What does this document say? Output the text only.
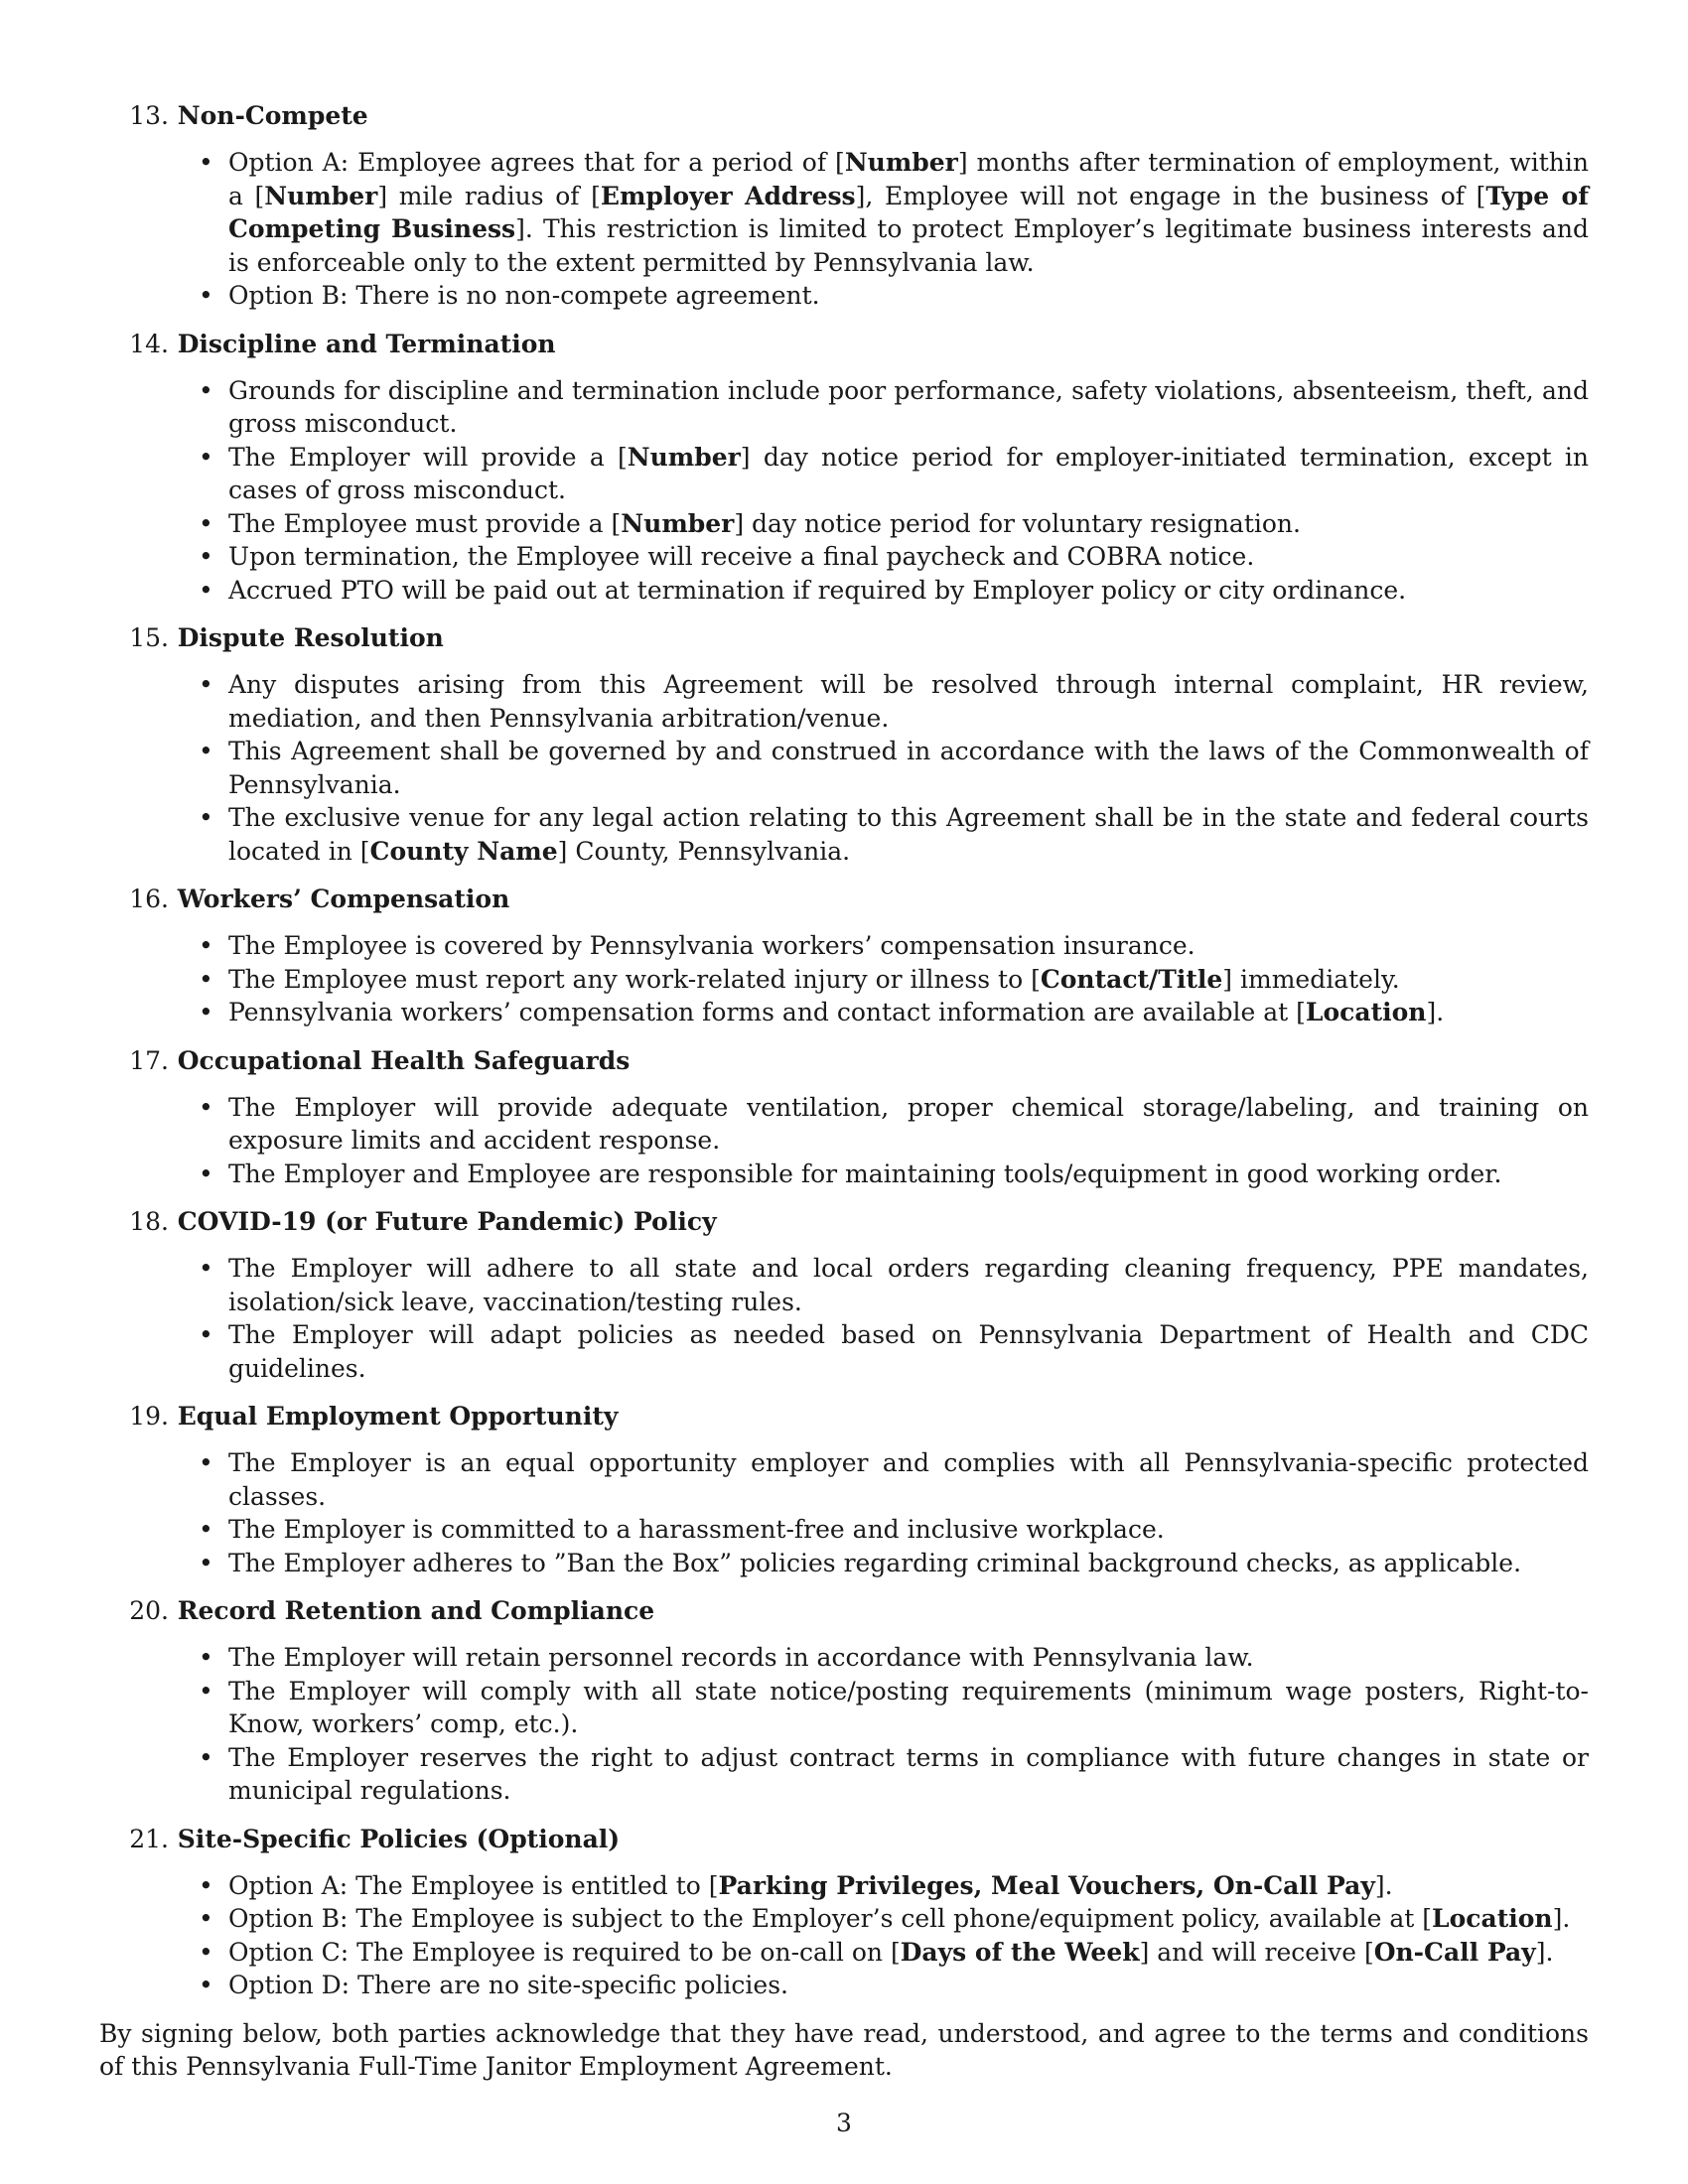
13. Non-Compete
• Option A: Employee agrees that for a period of [Number] months after termination of employment, within a [Number] mile radius of [Employer Address], Employee will not engage in the business of [Type of Competing Business]. This restriction is limited to protect Employer’s legitimate business interests and is enforceable only to the extent permitted by Pennsylvania law.
• Option B: There is no non-compete agreement.
14. Discipline and Termination
• Grounds for discipline and termination include poor performance, safety violations, absenteeism, theft, and gross misconduct.
• The Employer will provide a [Number] day notice period for employer-initiated termination, except in cases of gross misconduct.
• The Employee must provide a [Number] day notice period for voluntary resignation.
• Upon termination, the Employee will receive a final paycheck and COBRA notice.
• Accrued PTO will be paid out at termination if required by Employer policy or city ordinance.
15. Dispute Resolution
• Any disputes arising from this Agreement will be resolved through internal complaint, HR review, mediation, and then Pennsylvania arbitration/venue.
• This Agreement shall be governed by and construed in accordance with the laws of the Commonwealth of Pennsylvania.
• The exclusive venue for any legal action relating to this Agreement shall be in the state and federal courts located in [County Name] County, Pennsylvania.
16. Workers’ Compensation
• The Employee is covered by Pennsylvania workers’ compensation insurance.
• The Employee must report any work-related injury or illness to [Contact/Title] immediately.
• Pennsylvania workers’ compensation forms and contact information are available at [Location].
17. Occupational Health Safeguards
• The Employer will provide adequate ventilation, proper chemical storage/labeling, and training on exposure limits and accident response.
• The Employer and Employee are responsible for maintaining tools/equipment in good working order.
18. COVID-19 (or Future Pandemic) Policy
• The Employer will adhere to all state and local orders regarding cleaning frequency, PPE mandates, isolation/sick leave, vaccination/testing rules.
• The Employer will adapt policies as needed based on Pennsylvania Department of Health and CDC guidelines.
19. Equal Employment Opportunity
• The Employer is an equal opportunity employer and complies with all Pennsylvania-specific protected classes.
• The Employer is committed to a harassment-free and inclusive workplace.
• The Employer adheres to ”Ban the Box” policies regarding criminal background checks, as applicable.
20. Record Retention and Compliance
• The Employer will retain personnel records in accordance with Pennsylvania law.
• The Employer will comply with all state notice/posting requirements (minimum wage posters, Right-to-Know, workers’ comp, etc.).
• The Employer reserves the right to adjust contract terms in compliance with future changes in state or municipal regulations.
21. Site-Specific Policies (Optional)
• Option A: The Employee is entitled to [Parking Privileges, Meal Vouchers, On-Call Pay].
• Option B: The Employee is subject to the Employer’s cell phone/equipment policy, available at [Location].
• Option C: The Employee is required to be on-call on [Days of the Week] and will receive [On-Call Pay].
• Option D: There are no site-specific policies.

By signing below, both parties acknowledge that they have read, understood, and agree to the terms and conditions of this Pennsylvania Full-Time Janitor Employment Agreement.

3
